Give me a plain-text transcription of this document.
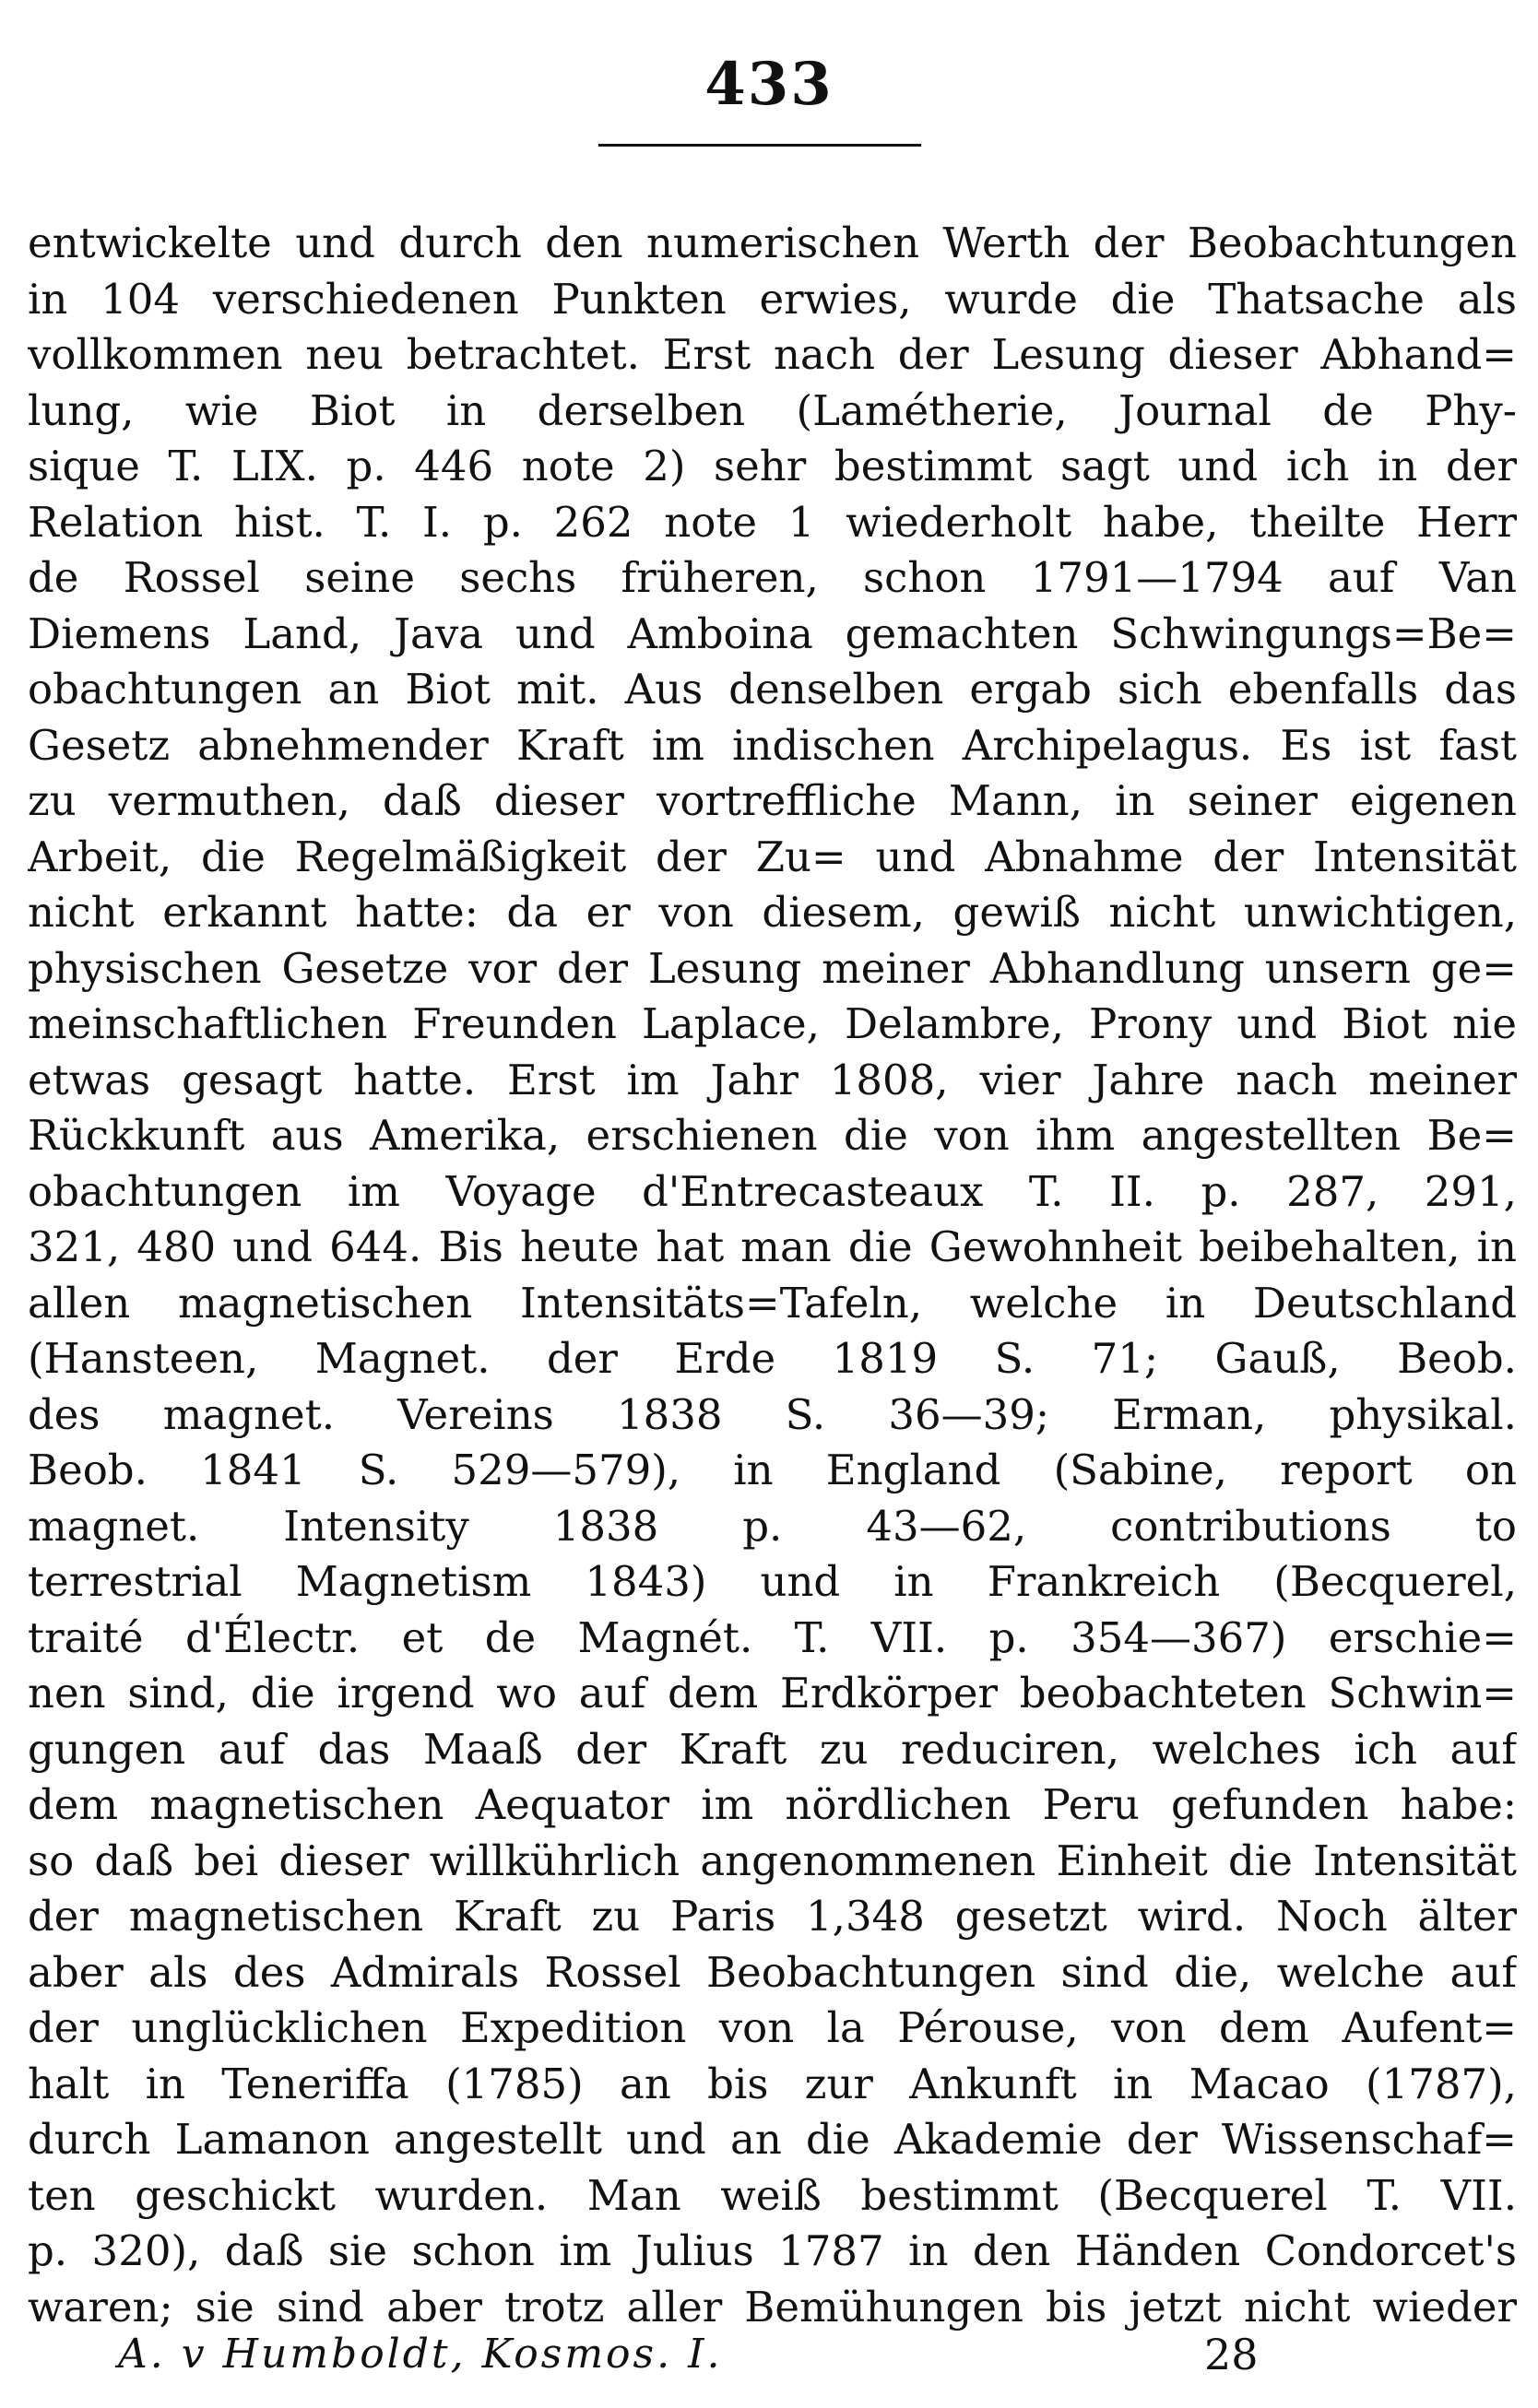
433
entwickelte und durch den numerischen Werth der Beobachtungen
in 104 verschiedenen Punkten erwies, wurde die Thatsache als
vollkommen neu betrachtet. Erst nach der Lesung dieser Abhand=
lung, wie Biot in derselben (Lamétherie, Journal de Phy-
sique T. LIX. p. 446 note 2) sehr bestimmt sagt und ich in der
Relation hist. T. I. p. 262 note 1 wiederholt habe, theilte Herr
de Rossel seine sechs früheren, schon 1791—1794 auf Van
Diemens Land, Java und Amboina gemachten Schwingungs=Be=
obachtungen an Biot mit. Aus denselben ergab sich ebenfalls das
Gesetz abnehmender Kraft im indischen Archipelagus. Es ist fast
zu vermuthen, daß dieser vortreffliche Mann, in seiner eigenen
Arbeit, die Regelmäßigkeit der Zu= und Abnahme der Intensität
nicht erkannt hatte: da er von diesem, gewiß nicht unwichtigen,
physischen Gesetze vor der Lesung meiner Abhandlung unsern ge=
meinschaftlichen Freunden Laplace, Delambre, Prony und Biot nie
etwas gesagt hatte. Erst im Jahr 1808, vier Jahre nach meiner
Rückkunft aus Amerika, erschienen die von ihm angestellten Be=
obachtungen im Voyage d'Entrecasteaux T. II. p. 287, 291,
321, 480 und 644. Bis heute hat man die Gewohnheit beibehalten, in
allen magnetischen Intensitäts=Tafeln, welche in Deutschland
(Hansteen, Magnet. der Erde 1819 S. 71; Gauß, Beob.
des magnet. Vereins 1838 S. 36—39; Erman, physikal.
Beob. 1841 S. 529—579), in England (Sabine, report on
magnet. Intensity 1838 p. 43—62, contributions to
terrestrial Magnetism 1843) und in Frankreich (Becquerel,
traité d'Électr. et de Magnét. T. VII. p. 354—367) erschie=
nen sind, die irgend wo auf dem Erdkörper beobachteten Schwin=
gungen auf das Maaß der Kraft zu reduciren, welches ich auf
dem magnetischen Aequator im nördlichen Peru gefunden habe:
so daß bei dieser willkührlich angenommenen Einheit die Intensität
der magnetischen Kraft zu Paris 1,348 gesetzt wird. Noch älter
aber als des Admirals Rossel Beobachtungen sind die, welche auf
der unglücklichen Expedition von la Pérouse, von dem Aufent=
halt in Teneriffa (1785) an bis zur Ankunft in Macao (1787),
durch Lamanon angestellt und an die Akademie der Wissenschaf=
ten geschickt wurden. Man weiß bestimmt (Becquerel T. VII.
p. 320), daß sie schon im Julius 1787 in den Händen Condorcet's
waren; sie sind aber trotz aller Bemühungen bis jetzt nicht wieder
A. v Humboldt, Kosmos. I.	28
